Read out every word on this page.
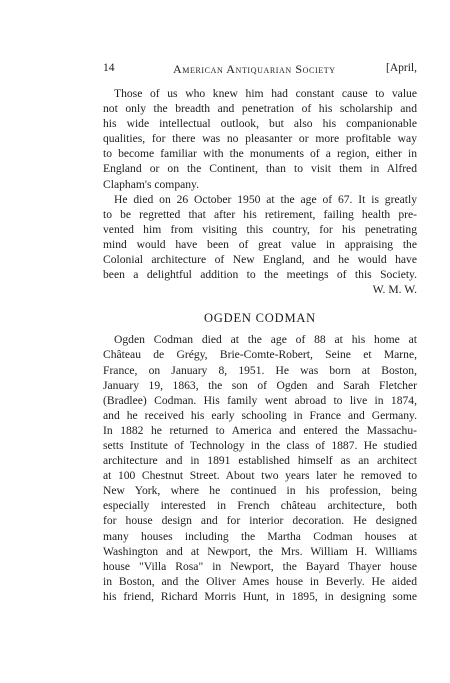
14	American Antiquarian Society	[April,
Those of us who knew him had constant cause to value
not only the breadth and penetration of his scholarship and
his wide intellectual outlook, but also his companionable
qualities, for there was no pleasanter or more profitable way
to become familiar with the monuments of a region, either in
England or on the Continent, than to visit them in Alfred
Clapham's company.
He died on 26 October 1950 at the age of 67. It is greatly
to be regretted that after his retirement, failing health pre-
vented him from visiting this country, for his penetrating
mind would have been of great value in appraising the
Colonial architecture of New England, and he would have
been a delightful addition to the meetings of this Society.
W. M. W.
OGDEN CODMAN
Ogden Codman died at the age of 88 at his home at
Château de Grégy, Brie-Comte-Robert, Seine et Marne,
France, on January 8, 1951. He was born at Boston,
January 19, 1863, the son of Ogden and Sarah Fletcher
(Bradlee) Codman. His family went abroad to live in 1874,
and he received his early schooling in France and Germany.
In 1882 he returned to America and entered the Massachu-
setts Institute of Technology in the class of 1887. He studied
architecture and in 1891 established himself as an architect
at 100 Chestnut Street. About two years later he removed to
New York, where he continued in his profession, being
especially interested in French château architecture, both
for house design and for interior decoration. He designed
many houses including the Martha Codman houses at
Washington and at Newport, the Mrs. William H. Williams
house "Villa Rosa" in Newport, the Bayard Thayer house
in Boston, and the Oliver Ames house in Beverly. He aided
his friend, Richard Morris Hunt, in 1895, in designing some
